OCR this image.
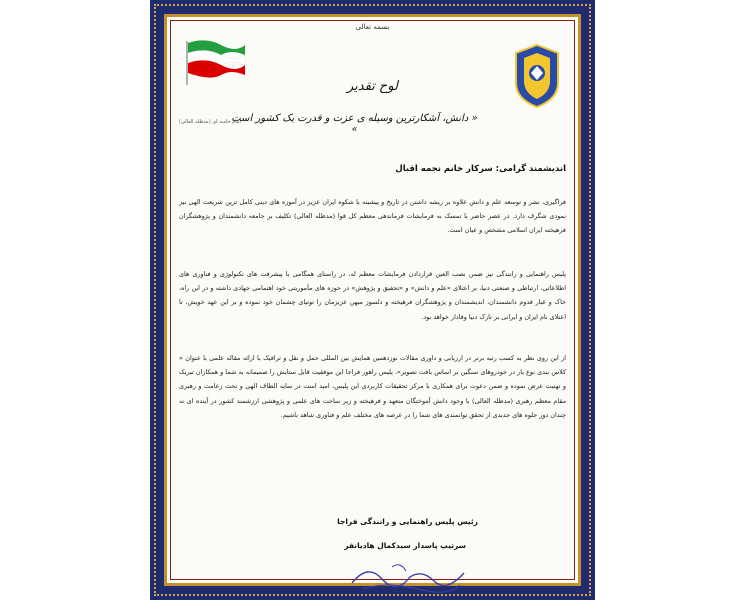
بسمه تعالی
لوح تقدیر
« دانش، آشکارترین وسیله ی عزت و قدرت یک کشور است »
امام خامنه ای (مدظله العالی)
اندیشمند گرامی: سرکار خانم نجمه اقبال
فراگیری، نشر و توسعه علم و دانش علاوه بر ریشه داشتن در تاریخ و پیشینه با شکوه ایران عزیز در آموزه های دینی کامل ترین شریعت الهی نیز نمودی شگرف دارد. در عصر حاضر با تمسک به فرمایشات فرماندهی معظم کل قوا (مدظله العالی) تکلیف بر جامعه دانشمندان و پژوهشگران فرهیخته ایران اسلامی مشخص و عیان است.
پلیس راهنمایی و رانندگی نیز ضمن نصب العین قراردادن فرمایشات معظم له، در راستای همگامی با پیشرفت های تکنولوژی و فناوری های اطلاعاتی، ارتباطی و صنعتی دنیا، بر اعتلای «علم و دانش» و «تحقیق و پژوهش» در حوزه های مأموریتی خود اهتمامی جهادی داشته و در این راه، خاک و غبار قدوم دانشمندان، اندیشمندان و پژوهشگران فرهیخته و دلسوز میهن عزیزمان را توتیای چشمان خود نموده و بر این عهد خویش، تا اعتلای نام ایران و ایرانی بر تارک دنیا وفادار خواهد بود.
از این روی نظر به کسب رتبه برتر در ارزیابی و داوری مقالات نوزدهمین همایش بین المللی حمل و نقل و ترافیک با ارائه مقاله علمی با عنوان « کلاس بندی نوع بار در خودروهای سنگین بر اساس بافت تصویر»، پلیس راهور فراجا این موفقیت قابل ستایش را صمیمانه به شما و همکاران تبریک و تهنیت عرض نموده و ضمن دعوت برای همکاری با مرکز تحقیقات کاربردی این پلیس، امید است در سایه الطاف الهی و تحت زعامت و رهبری مقام معظم رهبری (مدظله العالی) با وجود دانش آموختگان متعهد و فرهیخته و زیر ساخت های علمی و پژوهشی ارزشمند کشور در آینده ای نه چندان دور جلوه های جدیدی از تحقق توانمندی های شما را در عرصه های مختلف علم و فناوری شاهد باشیم.
رئیس پلیس راهنمایی و رانندگی فراجا
سرتیپ پاسدار سیدکمال هادیانفر
